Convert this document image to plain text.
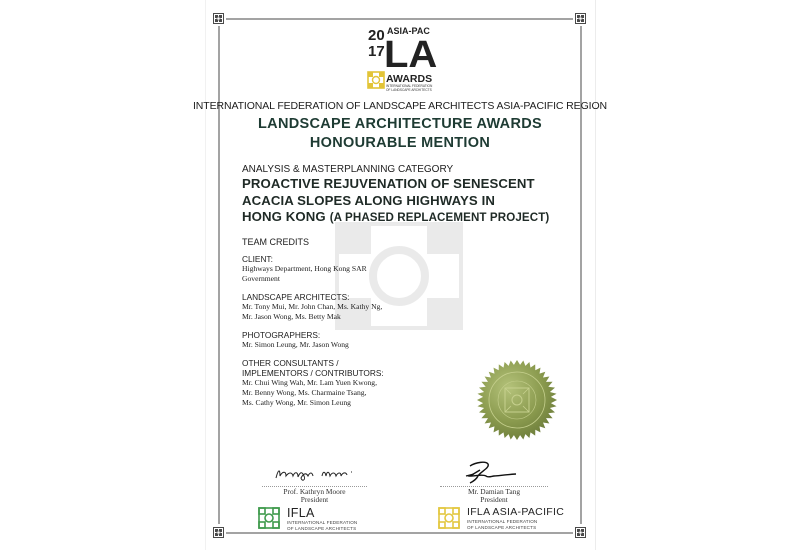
20
17
ASIA-PAC
LA
AWARDS
INTERNATIONAL FEDERATION
OF LANDSCAPE ARCHITECTS
INTERNATIONAL FEDERATION OF LANDSCAPE ARCHITECTS ASIA-PACIFIC REGION
LANDSCAPE ARCHITECTURE AWARDS
HONOURABLE MENTION
ANALYSIS & MASTERPLANNING CATEGORY
PROACTIVE REJUVENATION OF SENESCENT
ACACIA SLOPES ALONG HIGHWAYS IN
HONG KONG (A PHASED REPLACEMENT PROJECT)
TEAM CREDITS
CLIENT:
Highways Department, Hong Kong SAR
Government
LANDSCAPE ARCHITECTS:
Mr. Tony Mui, Mr. John Chan, Ms. Kathy Ng,
Mr. Jason Wong, Ms. Betty Mak
PHOTOGRAPHERS:
Mr. Simon Leung, Mr. Jason Wong
OTHER CONSULTANTS /
IMPLEMENTORS / CONTRIBUTORS:
Mr. Chui Wing Wah, Mr. Lam Yuen Kwong,
Mr. Benny Wong, Ms. Charmaine Tsang,
Ms. Cathy Wong, Mr. Simon Leung
Prof. Kathryn Moore
President
Mr. Damian Tang
President
IFLA
INTERNATIONAL FEDERATION
OF LANDSCAPE ARCHITECTS
IFLA ASIA-PACIFIC
INTERNATIONAL FEDERATION
OF LANDSCAPE ARCHITECTS
